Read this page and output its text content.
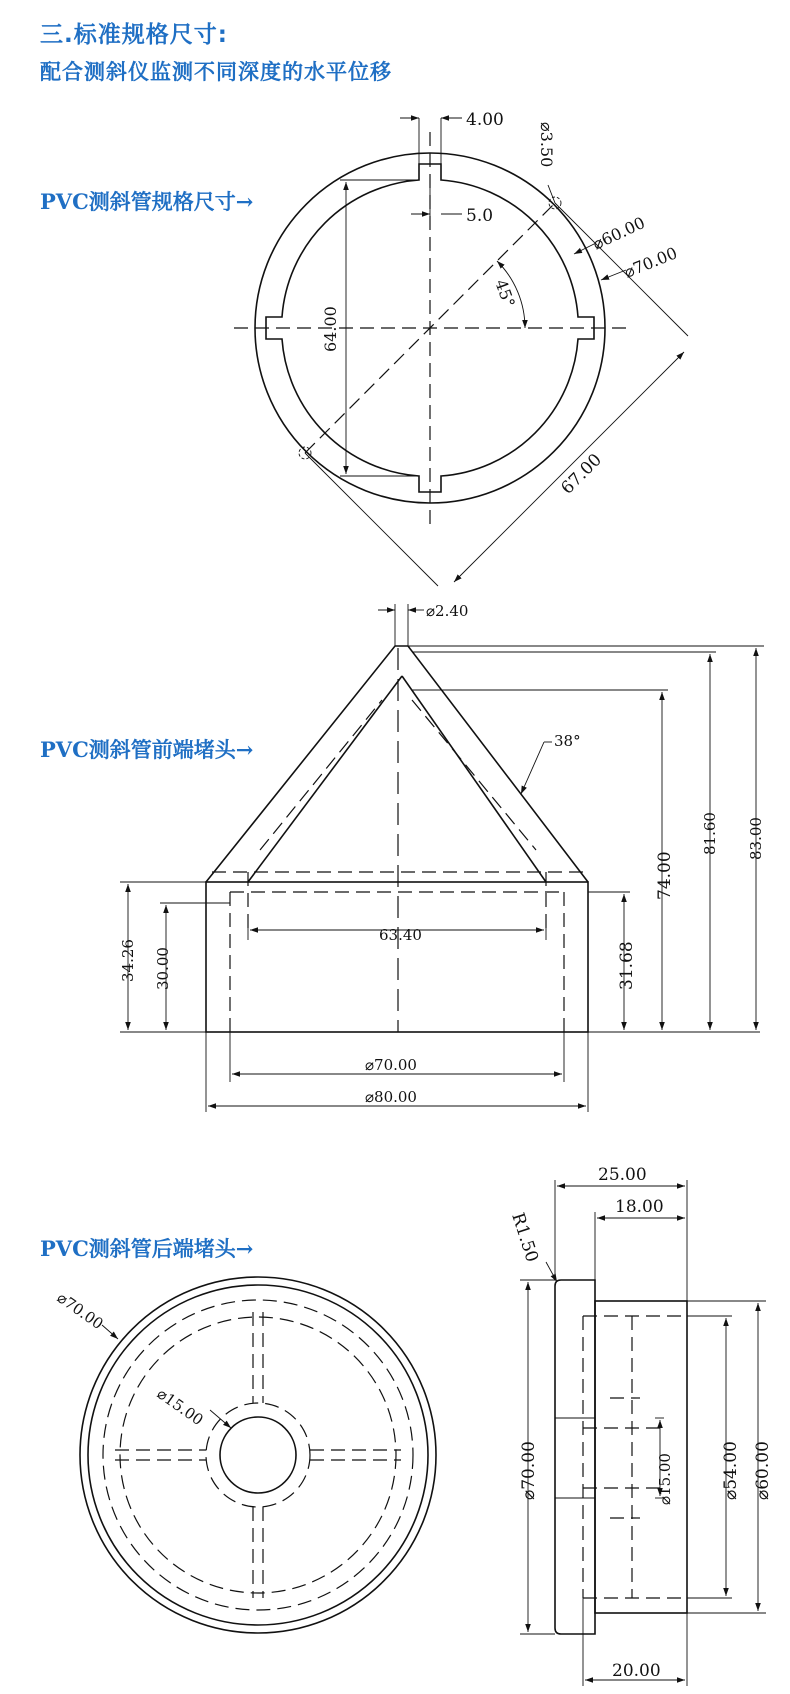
三.标准规格尺寸:
配合测斜仪监测不同深度的水平位移
PVC测斜管规格尺寸→
PVC测斜管前端堵头→
PVC测斜管后端堵头→
4.00
5.0
⌀3.50
⌀60.00
⌀70.00
64.00
45°
67.00
⌀2.40
38°
63.40
34.26 30.00	31.68
74.00
81.60 83.00
⌀70.00
⌀80.00
⌀70.00
⌀15.00
25.00
18.00
R1.50
⌀70.00	⌀15.00	⌀54.00 ⌀60.00
20.00
